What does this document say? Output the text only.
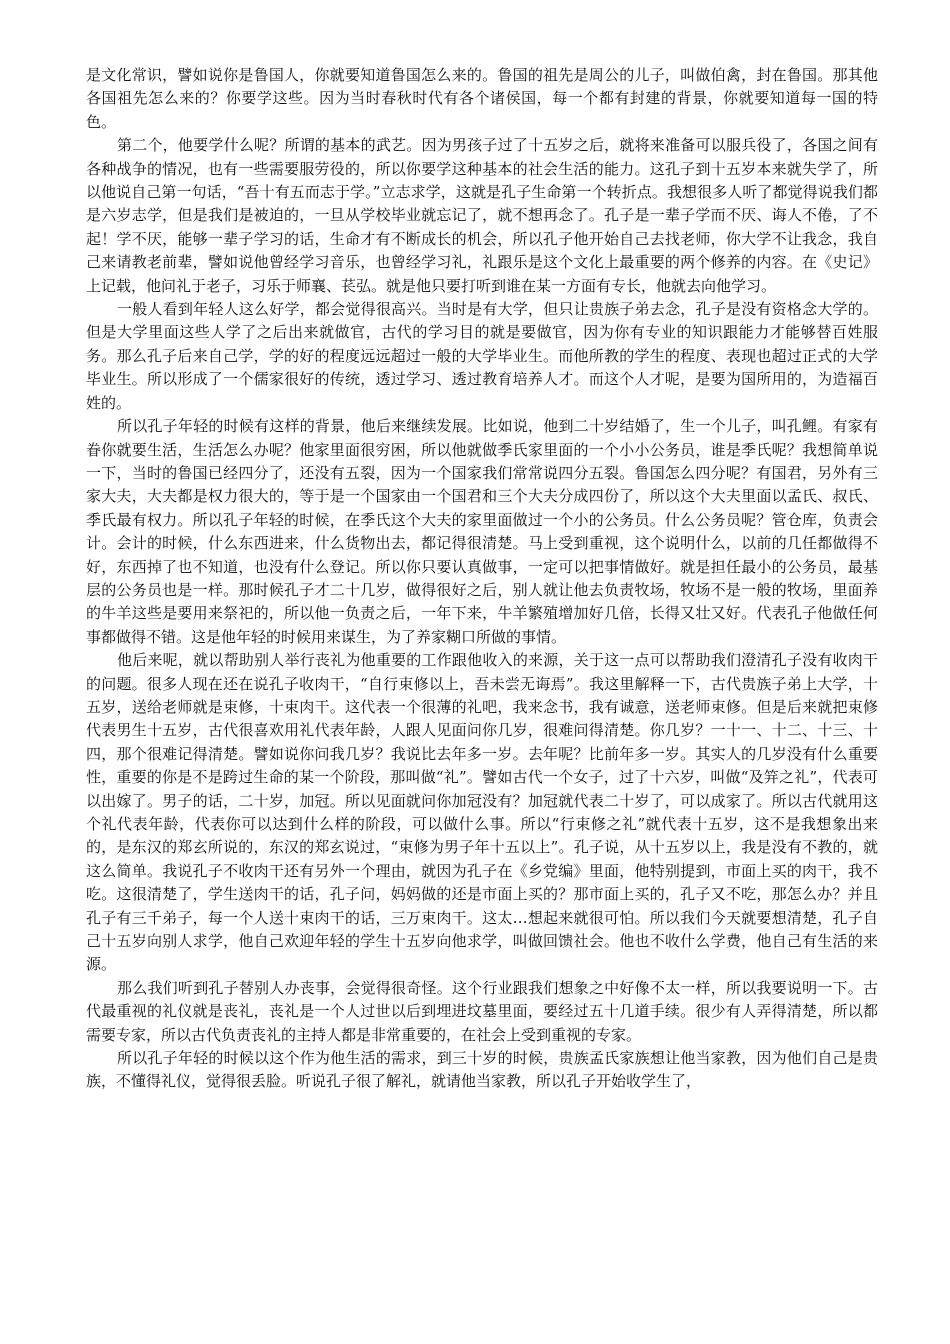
是文化常识，譬如说你是鲁国人，你就要知道鲁国怎么来的。鲁国的祖先是周公的儿子，叫做伯禽，封在鲁国。那其他各国祖先怎么来的？你要学这些。因为当时春秋时代有各个诸侯国，每一个都有封建的背景，你就要知道每一国的特色。

第二个，他要学什么呢？所谓的基本的武艺。因为男孩子过了十五岁之后，就将来准备可以服兵役了，各国之间有各种战争的情况，也有一些需要服劳役的，所以你要学这种基本的社会生活的能力。这孔子到十五岁本来就失学了，所以他说自己第一句话，“吾十有五而志于学。”立志求学，这就是孔子生命第一个转折点。我想很多人听了都觉得说我们都是六岁志学，但是我们是被迫的，一旦从学校毕业就忘记了，就不想再念了。孔子是一辈子学而不厌、诲人不倦，了不起！学不厌，能够一辈子学习的话，生命才有不断成长的机会，所以孔子他开始自己去找老师，你大学不让我念，我自己来请教老前辈，譬如说他曾经学习音乐，也曾经学习礼，礼跟乐是这个文化上最重要的两个修养的内容。在《史记》上记载，他问礼于老子，习乐于师襄、苌弘。就是他只要打听到谁在某一方面有专长，他就去向他学习。

一般人看到年轻人这么好学，都会觉得很高兴。当时是有大学，但只让贵族子弟去念，孔子是没有资格念大学的。但是大学里面这些人学了之后出来就做官，古代的学习目的就是要做官，因为你有专业的知识跟能力才能够替百姓服务。那么孔子后来自己学，学的好的程度远远超过一般的大学毕业生。而他所教的学生的程度、表现也超过正式的大学毕业生。所以形成了一个儒家很好的传统，透过学习、透过教育培养人才。而这个人才呢，是要为国所用的，为造福百姓的。

所以孔子年轻的时候有这样的背景，他后来继续发展。比如说，他到二十岁结婚了，生一个儿子，叫孔鲤。有家有眷你就要生活，生活怎么办呢？他家里面很穷困，所以他就做季氏家里面的一个小小公务员，谁是季氏呢？我想简单说一下，当时的鲁国已经四分了，还没有五裂，因为一个国家我们常常说四分五裂。鲁国怎么四分呢？有国君，另外有三家大夫，大夫都是权力很大的，等于是一个国家由一个国君和三个大夫分成四份了，所以这个大夫里面以孟氏、叔氏、季氏最有权力。所以孔子年轻的时候，在季氏这个大夫的家里面做过一个小的公务员。什么公务员呢？管仓库，负责会计。会计的时候，什么东西进来，什么货物出去，都记得很清楚。马上受到重视，这个说明什么，以前的几任都做得不好，东西掉了也不知道，也没有什么登记。所以你只要认真做事，一定可以把事情做好。就是担任最小的公务员，最基层的公务员也是一样。那时候孔子才二十几岁，做得很好之后，别人就让他去负责牧场，牧场不是一般的牧场，里面养的牛羊这些是要用来祭祀的，所以他一负责之后，一年下来，牛羊繁殖增加好几倍，长得又壮又好。代表孔子他做任何事都做得不错。这是他年轻的时候用来谋生，为了养家糊口所做的事情。

他后来呢，就以帮助别人举行丧礼为他重要的工作跟他收入的来源，关于这一点可以帮助我们澄清孔子没有收肉干的问题。很多人现在还在说孔子收肉干，“自行束修以上，吾未尝无诲焉”。我这里解释一下，古代贵族子弟上大学，十五岁，送给老师就是束修，十束肉干。这代表一个很薄的礼吧，我来念书，我有诚意，送老师束修。但是后来就把束修代表男生十五岁，古代很喜欢用礼代表年龄，人跟人见面问你几岁，很难问得清楚。你几岁？一十一、十二、十三、十四，那个很难记得清楚。譬如说你问我几岁？我说比去年多一岁。去年呢？比前年多一岁。其实人的几岁没有什么重要性，重要的你是不是跨过生命的某一个阶段，那叫做“礼”。譬如古代一个女子，过了十六岁，叫做“及笄之礼”，代表可以出嫁了。男子的话，二十岁，加冠。所以见面就问你加冠没有？加冠就代表二十岁了，可以成家了。所以古代就用这个礼代表年龄，代表你可以达到什么样的阶段，可以做什么事。所以“行束修之礼”就代表十五岁，这不是我想象出来的，是东汉的郑玄所说的，东汉的郑玄说过，“束修为男子年十五以上”。孔子说，从十五岁以上，我是没有不教的，就这么简单。我说孔子不收肉干还有另外一个理由，就因为孔子在《乡党编》里面，他特别提到，市面上买的肉干，我不吃。这很清楚了，学生送肉干的话，孔子问，妈妈做的还是市面上买的？那市面上买的，孔子又不吃，那怎么办？并且孔子有三千弟子，每一个人送十束肉干的话，三万束肉干。这太…想起来就很可怕。所以我们今天就要想清楚，孔子自己十五岁向别人求学，他自己欢迎年轻的学生十五岁向他求学，叫做回馈社会。他也不收什么学费，他自己有生活的来源。

那么我们听到孔子替别人办丧事，会觉得很奇怪。这个行业跟我们想象之中好像不太一样，所以我要说明一下。古代最重视的礼仪就是丧礼，丧礼是一个人过世以后到埋进坟墓里面，要经过五十几道手续。很少有人弄得清楚，所以都需要专家，所以古代负责丧礼的主持人都是非常重要的，在社会上受到重视的专家。

所以孔子年轻的时候以这个作为他生活的需求，到三十岁的时候，贵族孟氏家族想让他当家教，因为他们自己是贵族，不懂得礼仪，觉得很丢脸。听说孔子很了解礼，就请他当家教，所以孔子开始收学生了，
